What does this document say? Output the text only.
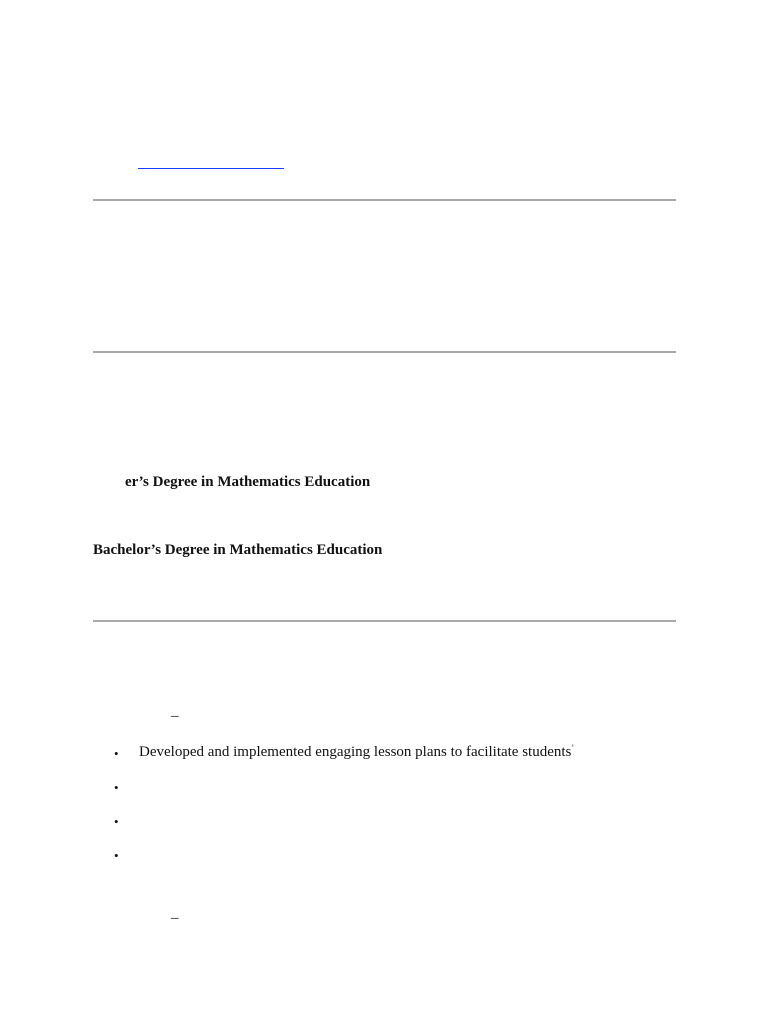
er’s Degree in Mathematics Education
Bachelor’s Degree in Mathematics Education
–
• Developed and implemented engaging lesson plans to facilitate students’
•
•
•
–
